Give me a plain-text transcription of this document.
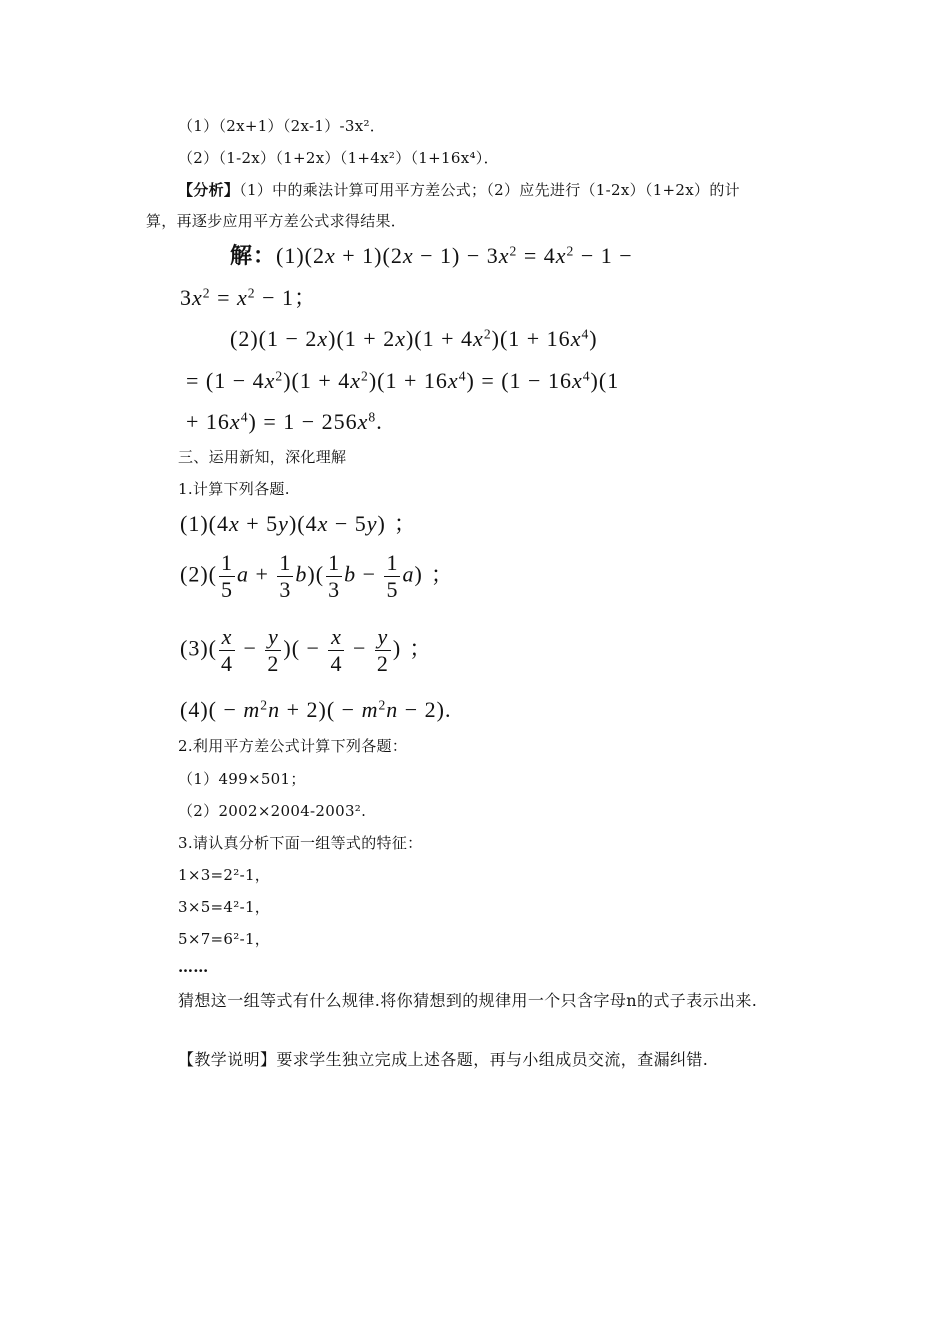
（1）（2x+1）（2x-1）-3x²．
（2）（1-2x）（1+2x）（1+4x²）（1+16x⁴）．
【分析】（1）中的乘法计算可用平方差公式；（2）应先进行（1-2x）（1+2x）的计
算，再逐步应用平方差公式求得结果．
解：$(1)(2x + 1)(2x - 1) - 3x^2 = 4x^2 - 1$ −
$3x^2 = x^2 - 1$；
$(2)(1 - 2x)(1 + 2x)(1 + 4x^2)(1 + 16x^4)$
= $(1 - 4x^2)(1 + 4x^2)(1 + 16x^4) = (1 - 16x^4)(1$
+ $16x^4) = 1 - 256x^8$.
三、运用新知，深化理解
1.计算下列各题.
(1)(4x + 5y)(4x − 5y) ；
$(2)( \frac{1}{5}$ $a + \frac{1}{3} b)( \frac{1}{3}$ $b - \frac{1}{5} a$) ；
$(3)( \frac{x}{4} - \frac{y}{2}$ )( − $\frac{x}{4} - \frac{y}{2}$ ) ；
$(4)( - m^2n + 2)( - m^2n - 2)$.
2.利用平方差公式计算下列各题：
（1）499×501；
（2）2002×2004-2003².
3.请认真分析下面一组等式的特征：
1×3=2²-1，
3×5=4²-1，
5×7=6²-1，
……
猜想这一组等式有什么规律.将你猜想到的规律用一个只含字母n的式子表示出来.
【教学说明】要求学生独立完成上述各题，再与小组成员交流，查漏纠错.
